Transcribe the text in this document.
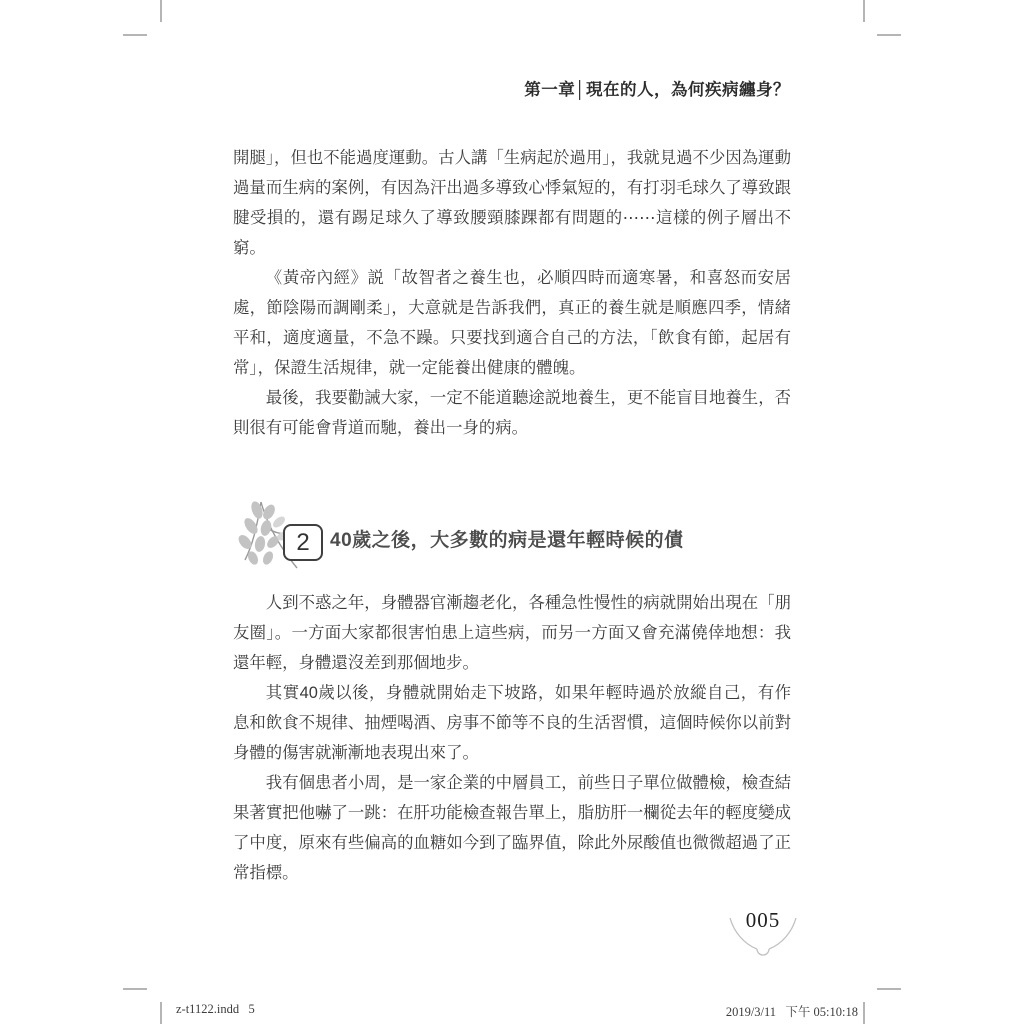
第一章│現在的人，為何疾病纏身？

開腿」，但也不能過度運動。古人講「生病起於過用」，我就見過不少因為運動過量而生病的案例，有因為汗出過多導致心悸氣短的，有打羽毛球久了導致跟腱受損的，還有踢足球久了導致腰頸膝踝都有問題的⋯⋯這樣的例子層出不窮。

《黃帝內經》説「故智者之養生也，必順四時而適寒暑，和喜怒而安居處，節陰陽而調剛柔」，大意就是告訴我們，真正的養生就是順應四季，情緒平和，適度適量，不急不躁。只要找到適合自己的方法，「飲食有節，起居有常」，保證生活規律，就一定能養出健康的體魄。

最後，我要勸誡大家，一定不能道聽途説地養生，更不能盲目地養生，否則很有可能會背道而馳，養出一身的病。

2	40歲之後，大多數的病是還年輕時候的債

人到不惑之年，身體器官漸趨老化，各種急性慢性的病就開始出現在「朋友圈」。一方面大家都很害怕患上這些病，而另一方面又會充滿僥倖地想：我還年輕，身體還沒差到那個地步。

其實40歲以後，身體就開始走下坡路，如果年輕時過於放縱自己，有作息和飲食不規律、抽煙喝酒、房事不節等不良的生活習慣，這個時候你以前對身體的傷害就漸漸地表現出來了。

我有個患者小周，是一家企業的中層員工，前些日子單位做體檢，檢查結果著實把他嚇了一跳：在肝功能檢查報告單上，脂肪肝一欄從去年的輕度變成了中度，原來有些偏高的血糖如今到了臨界值，除此外尿酸值也微微超過了正常指標。

005
z-t1122.indd   5	2019/3/11   下午 05:10:18
